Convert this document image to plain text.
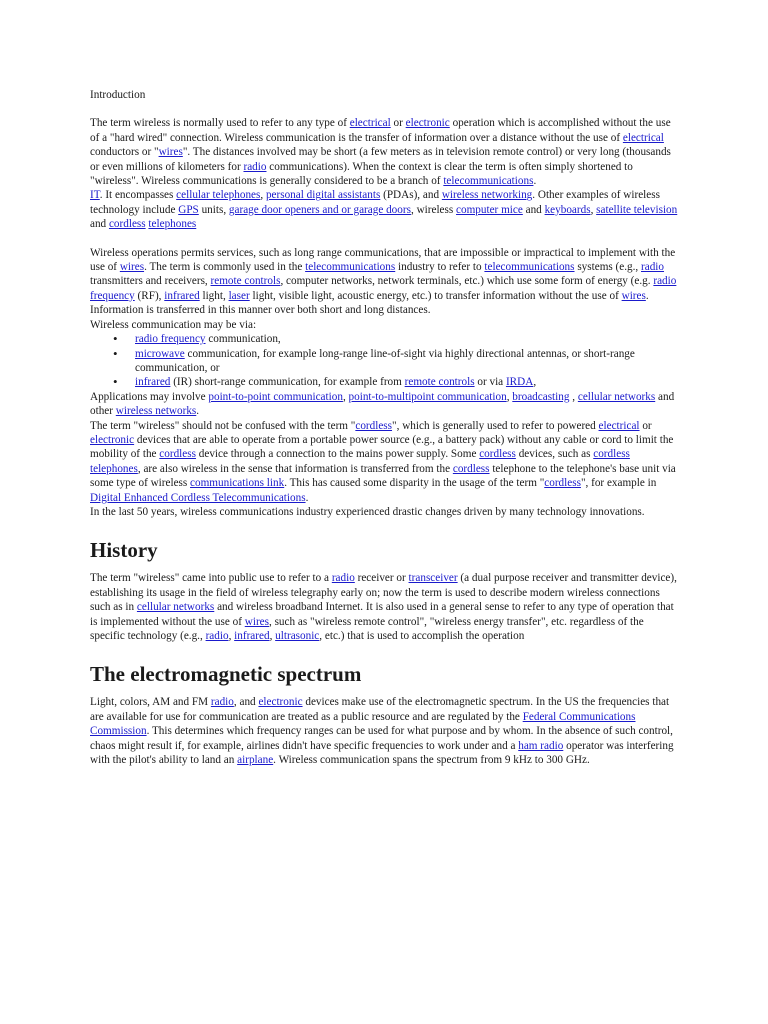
Introduction

The term wireless is normally used to refer to any type of electrical or electronic operation which is accomplished without the use of a "hard wired" connection. Wireless communication is the transfer of information over a distance without the use of electrical conductors or "wires". The distances involved may be short (a few meters as in television remote control) or very long (thousands or even millions of kilometers for radio communications). When the context is clear the term is often simply shortened to "wireless". Wireless communications is generally considered to be a branch of telecommunications.

IT. It encompasses cellular telephones, personal digital assistants (PDAs), and wireless networking. Other examples of wireless technology include GPS units, garage door openers and or garage doors, wireless computer mice and keyboards, satellite television and cordless telephones

Wireless operations permits services, such as long range communications, that are impossible or impractical to implement with the use of wires. The term is commonly used in the telecommunications industry to refer to telecommunications systems (e.g., radio transmitters and receivers, remote controls, computer networks, network terminals, etc.) which use some form of energy (e.g. radio frequency (RF), infrared light, laser light, visible light, acoustic energy, etc.) to transfer information without the use of wires. Information is transferred in this manner over both short and long distances.

Wireless communication may be via:

• radio frequency communication,
• microwave communication, for example long-range line-of-sight via highly directional antennas, or short-range communication, or
• infrared (IR) short-range communication, for example from remote controls or via IRDA,

Applications may involve point-to-point communication, point-to-multipoint communication, broadcasting , cellular networks and other wireless networks.

The term "wireless" should not be confused with the term "cordless", which is generally used to refer to powered electrical or electronic devices that are able to operate from a portable power source (e.g., a battery pack) without any cable or cord to limit the mobility of the cordless device through a connection to the mains power supply. Some cordless devices, such as cordless telephones, are also wireless in the sense that information is transferred from the cordless telephone to the telephone's base unit via some type of wireless communications link. This has caused some disparity in the usage of the term "cordless", for example in Digital Enhanced Cordless Telecommunications.

In the last 50 years, wireless communications industry experienced drastic changes driven by many technology innovations.

History

The term "wireless" came into public use to refer to a radio receiver or transceiver (a dual purpose receiver and transmitter device), establishing its usage in the field of wireless telegraphy early on; now the term is used to describe modern wireless connections such as in cellular networks and wireless broadband Internet. It is also used in a general sense to refer to any type of operation that is implemented without the use of wires, such as "wireless remote control", "wireless energy transfer", etc. regardless of the specific technology (e.g., radio, infrared, ultrasonic, etc.) that is used to accomplish the operation

The electromagnetic spectrum

Light, colors, AM and FM radio, and electronic devices make use of the electromagnetic spectrum. In the US the frequencies that are available for use for communication are treated as a public resource and are regulated by the Federal Communications Commission. This determines which frequency ranges can be used for what purpose and by whom. In the absence of such control, chaos might result if, for example, airlines didn't have specific frequencies to work under and a ham radio operator was interfering with the pilot's ability to land an airplane. Wireless communication spans the spectrum from 9 kHz to 300 GHz.
